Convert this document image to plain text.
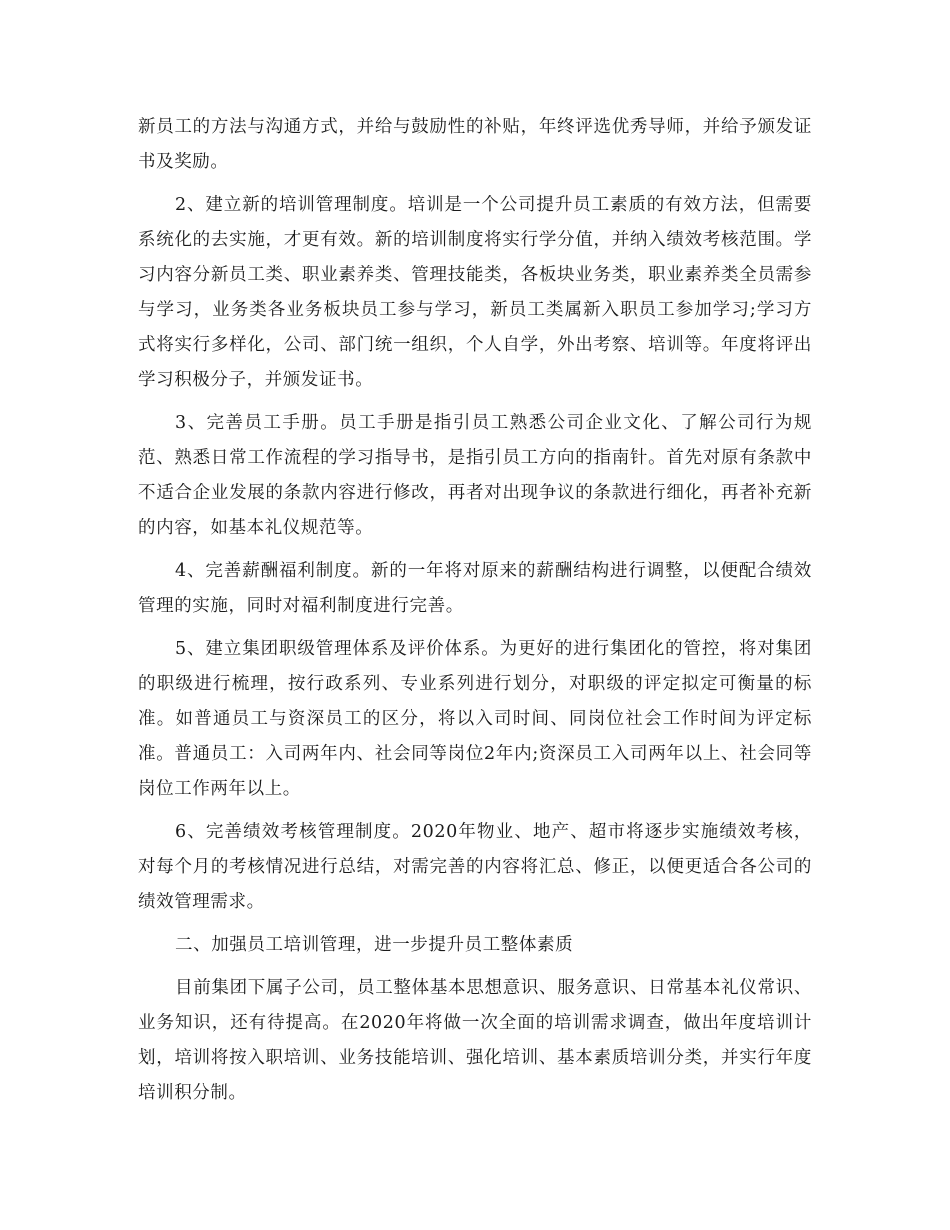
新员工的方法与沟通方式，并给与鼓励性的补贴，年终评选优秀导师，并给予颁发证书及奖励。

2、建立新的培训管理制度。培训是一个公司提升员工素质的有效方法，但需要系统化的去实施，才更有效。新的培训制度将实行学分值，并纳入绩效考核范围。学习内容分新员工类、职业素养类、管理技能类，各板块业务类，职业素养类全员需参与学习，业务类各业务板块员工参与学习，新员工类属新入职员工参加学习;学习方式将实行多样化，公司、部门统一组织，个人自学，外出考察、培训等。年度将评出学习积极分子，并颁发证书。

3、完善员工手册。员工手册是指引员工熟悉公司企业文化、了解公司行为规范、熟悉日常工作流程的学习指导书，是指引员工方向的指南针。首先对原有条款中不适合企业发展的条款内容进行修改，再者对出现争议的条款进行细化，再者补充新的内容，如基本礼仪规范等。

4、完善薪酬福利制度。新的一年将对原来的薪酬结构进行调整，以便配合绩效管理的实施，同时对福利制度进行完善。

5、建立集团职级管理体系及评价体系。为更好的进行集团化的管控，将对集团的职级进行梳理，按行政系列、专业系列进行划分，对职级的评定拟定可衡量的标准。如普通员工与资深员工的区分，将以入司时间、同岗位社会工作时间为评定标准。普通员工：入司两年内、社会同等岗位2年内;资深员工入司两年以上、社会同等岗位工作两年以上。

6、完善绩效考核管理制度。2020年物业、地产、超市将逐步实施绩效考核，对每个月的考核情况进行总结，对需完善的内容将汇总、修正，以便更适合各公司的绩效管理需求。

二、加强员工培训管理，进一步提升员工整体素质

目前集团下属子公司，员工整体基本思想意识、服务意识、日常基本礼仪常识、业务知识，还有待提高。在2020年将做一次全面的培训需求调查，做出年度培训计划，培训将按入职培训、业务技能培训、强化培训、基本素质培训分类，并实行年度培训积分制。
